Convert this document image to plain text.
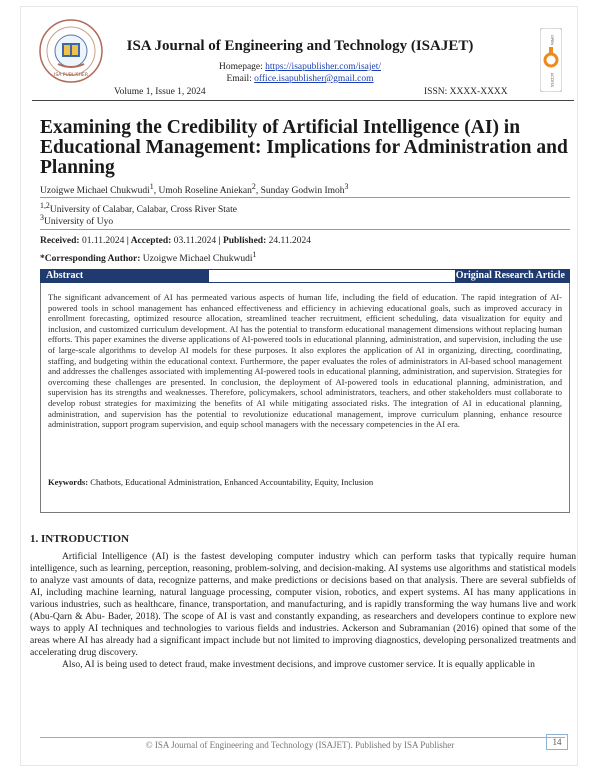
ISA PUBLISHER
OPEN
ACCESS
ISA Journal of Engineering and Technology (ISAJET)
Homepage: https://isapublisher.com/isajet/
Email: office.isapublisher@gmail.com
Volume 1, Issue 1, 2024	ISSN: XXXX-XXXX
Examining the Credibility of Artificial Intelligence (AI) in Educational Management: Implications for Administration and Planning
Uzoigwe Michael Chukwudi$^1$, Umoh Roseline Aniekan$^2$, Sunday Godwin Imoh$^3$
$^{1,2}$University of Calabar, Calabar, Cross River State
$^3$University of Uyo
Received: 01.11.2024 | Accepted: 03.11.2024 | Published: 24.11.2024
*Corresponding Author: Uzoigwe Michael Chukwudi$^1$
Abstract	Original Research Article
The significant advancement of AI has permeated various aspects of human life, including the field of education. The rapid integration of AI-powered tools in school management has enhanced effectiveness and efficiency in achieving educational goals, such as improved accuracy in enrollment forecasting, optimized resource allocation, streamlined teacher recruitment, efficient scheduling, data visualization for equity and inclusion, and customized curriculum development. AI has the potential to transform educational management dimensions without replacing human efforts. This paper examines the diverse applications of AI-powered tools in educational planning, administration, and supervision, including the use of large-scale algorithms to develop AI models for these purposes. It also explores the application of AI in organizing, directing, coordinating, staffing, and budgeting within the educational context. Furthermore, the paper evaluates the roles of administrators in AI-based school management and addresses the challenges associated with implementing AI-powered tools in educational planning, administration, and supervision. Strategies for overcoming these challenges are presented. In conclusion, the deployment of AI-powered tools in educational planning, administration, and supervision has its strengths and weaknesses. Therefore, policymakers, school administrators, teachers, and other stakeholders must collaborate to develop robust strategies for maximizing the benefits of AI while mitigating associated risks. The integration of AI in educational planning, administration, and supervision has the potential to revolutionize educational management, improve curriculum planning, enhance resource administration, support program supervision, and equip school managers with the necessary competencies in the AI era.
Keywords: Chatbots, Educational Administration, Enhanced Accountability, Equity, Inclusion
1. INTRODUCTION

Artificial Intelligence (AI) is the fastest developing computer industry which can perform tasks that typically require human intelligence, such as learning, perception, reasoning, problem-solving, and decision-making. AI systems use algorithms and statistical models to analyze vast amounts of data, recognize patterns, and make predictions or decisions based on that analysis. There are several subfields of AI, including machine learning, natural language processing, computer vision, robotics, and expert systems. AI has many applications in various industries, such as healthcare, finance, transportation, and manufacturing, and is rapidly transforming the way humans live and work (Abu-Qarn & Abu- Bader, 2018). The scope of AI is vast and constantly expanding, as researchers and developers continue to explore new ways to apply AI techniques and technologies to various fields and industries. Ackerson and Subramanian (2016) opined that some of the areas where AI has already had a significant impact include but not limited to improving diagnostics, developing personalized treatments and accelerating drug discovery.

Also, AI is being used to detect fraud, make investment decisions, and improve customer service. It is equally applicable in

© ISA Journal of Engineering and Technology (ISAJET). Published by ISA Publisher	14
